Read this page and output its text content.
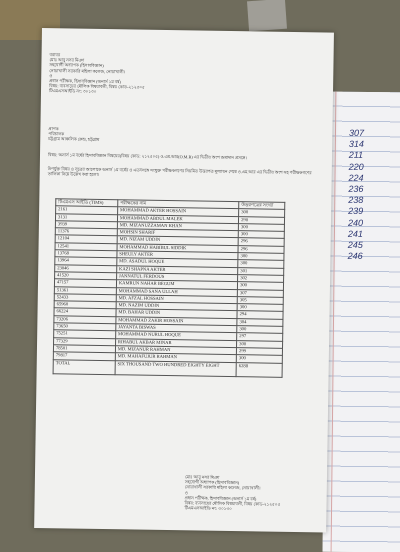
307
314
211
220
224
236
238
239
240
241
245
246
বরাবর
মোঃ আবু নসর মিঞা
সহযোগী অধ্যাপক (হিসাববিজ্ঞান)
নোয়াখালী সরকারি মহিলা কলেজ, নোয়াখালী।
ও
প্রধান পরীক্ষক, হিসাববিজ্ঞান (অনার্স ১ম বর্ষ)
বিষয়: ব্যবসায়ের মৌলিক বিষয়াবলী, বিষয় কোড-২১২৫০৫
টিএমএসআইডি নং: ৩০১৩০
প্রাপক
পরিচালক
চট্টগ্রাম আঞ্চলিক কেন্দ্র, চট্টগ্রাম
বিষয়: অনার্স ১ম বর্ষের হিসাববিজ্ঞান বিষয়ের(বিষয় কোড: ২১২৫০৫) ও.এম.আর(O.M.R) এর দ্বিতীয় অংশ জমাদান প্রসঙ্গে।
উপর্যুক্ত বিষয় ও সূত্রের আলোকে অনার্স ১ম বর্ষের ও এতদসঙ্গে সংযুক্ত পরীক্ষকগণের নিয়মিত উত্তরপত্র মূল্যায়ন শেষে ও.এম.আর এর দ্বিতীয় অংশ সহ পরীক্ষকগণের তালিকা নিম্নে উল্লেখ করা হলো।
টিএমএস আইডি (TIMS)	পরীক্ষকের নাম	উত্তরপত্রের সংখ্যা
2161	MOHAMMAD AKTER HOSSAIN	300
3131	MOHAMMAD ABDUL MALEK	290
3939	MD. MIZANUZZAMAN KHAN	300
11376	MOHSIN SHARIF	300
12104	MD. NIZAM UDDIN	296
12541	MOHAMMAD HABIBUL SIDDIK	296
13768	SHEULY AKTER	300
13964	MD. ASADUL HOQUE	300
23046	KAZI SHAPNA AKTER	301
41520	JANNATUL FERDOUS	302
47157	KAMRUN NAHAR BEGUM	300
51361	MOHAMMAD SANA ULLAH	307
52433	MD. AFZAL HOSSAIN	305
65960	MD. NAZIM UDDIN	300
66224	MD. BAHAR UDDIN	294
73206	MOHAMMAD ZAKIR HOSSAIN	304
73650	JAYANTA BISWAS	300
75251	MOHAMMAD NURUL HOQUE	297
77329	RIHABUL AKBAR MINAR	300
78501	MD. MIZANUR RAHMAN	299
79817	MD. MAHAFUJUR RAHMAN	300
TOTAL	SIX THOUSAND TWO HUNDRED EIGHTY EIGHT	6288
মোঃ আবু নসর মিঞা
সহযোগী অধ্যাপক (হিসাববিজ্ঞান)
নোয়াখালী সরকারি মহিলা কলেজ, নোয়াখালী।
ও
প্রধান পরীক্ষক, হিসাববিজ্ঞান (অনার্স ১ম বর্ষ)
বিষয়: ব্যবসায়ের মৌলিক বিষয়াবলী, বিষয় কোড-২১২৫০৫
টিএমএসআইডি নং: ৩০১৩০
